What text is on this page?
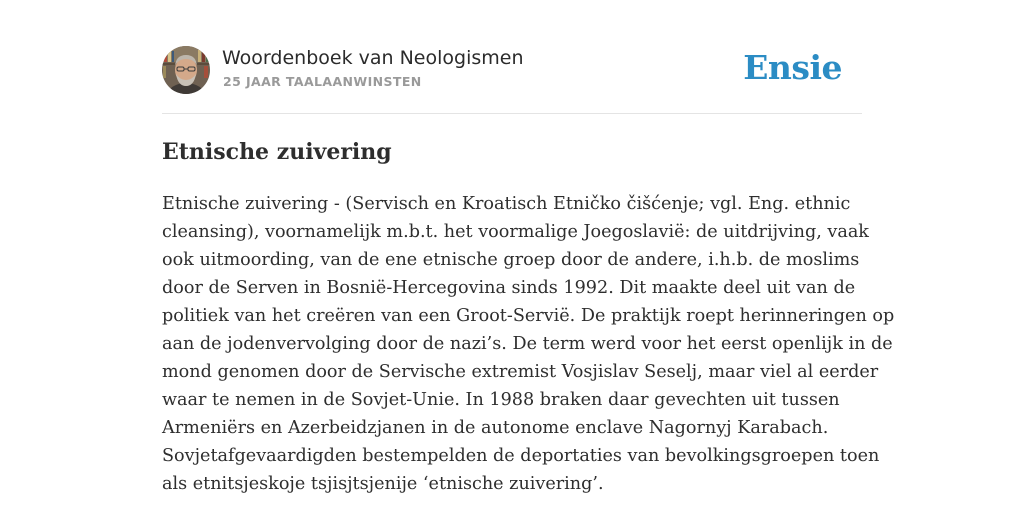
Woordenboek van Neologismen
25 JAAR TAALAANWINSTEN	Ensie
Etnische zuivering
Etnische zuivering - (Servisch en Kroatisch Etničko čišćenje; vgl. Eng. ethnic
cleansing), voornamelijk m.b.t. het voormalige Joegoslavië: de uitdrijving, vaak
ook uitmoording, van de ene etnische groep door de andere, i.h.b. de moslims
door de Serven in Bosnië-Hercegovina sinds 1992. Dit maakte deel uit van de
politiek van het creëren van een Groot-Servië. De praktijk roept herinneringen op
aan de jodenvervolging door de nazi’s. De term werd voor het eerst openlijk in de
mond genomen door de Servische extremist Vosjislav Seselj, maar viel al eerder
waar te nemen in de Sovjet-Unie. In 1988 braken daar gevechten uit tussen
Armeniërs en Azerbeidzjanen in de autonome enclave Nagornyj Karabach.
Sovjetafgevaardigden bestempelden de deportaties van bevolkingsgroepen toen
als etnitsjeskoje tsjisjtsjenije ‘etnische zuivering’.
